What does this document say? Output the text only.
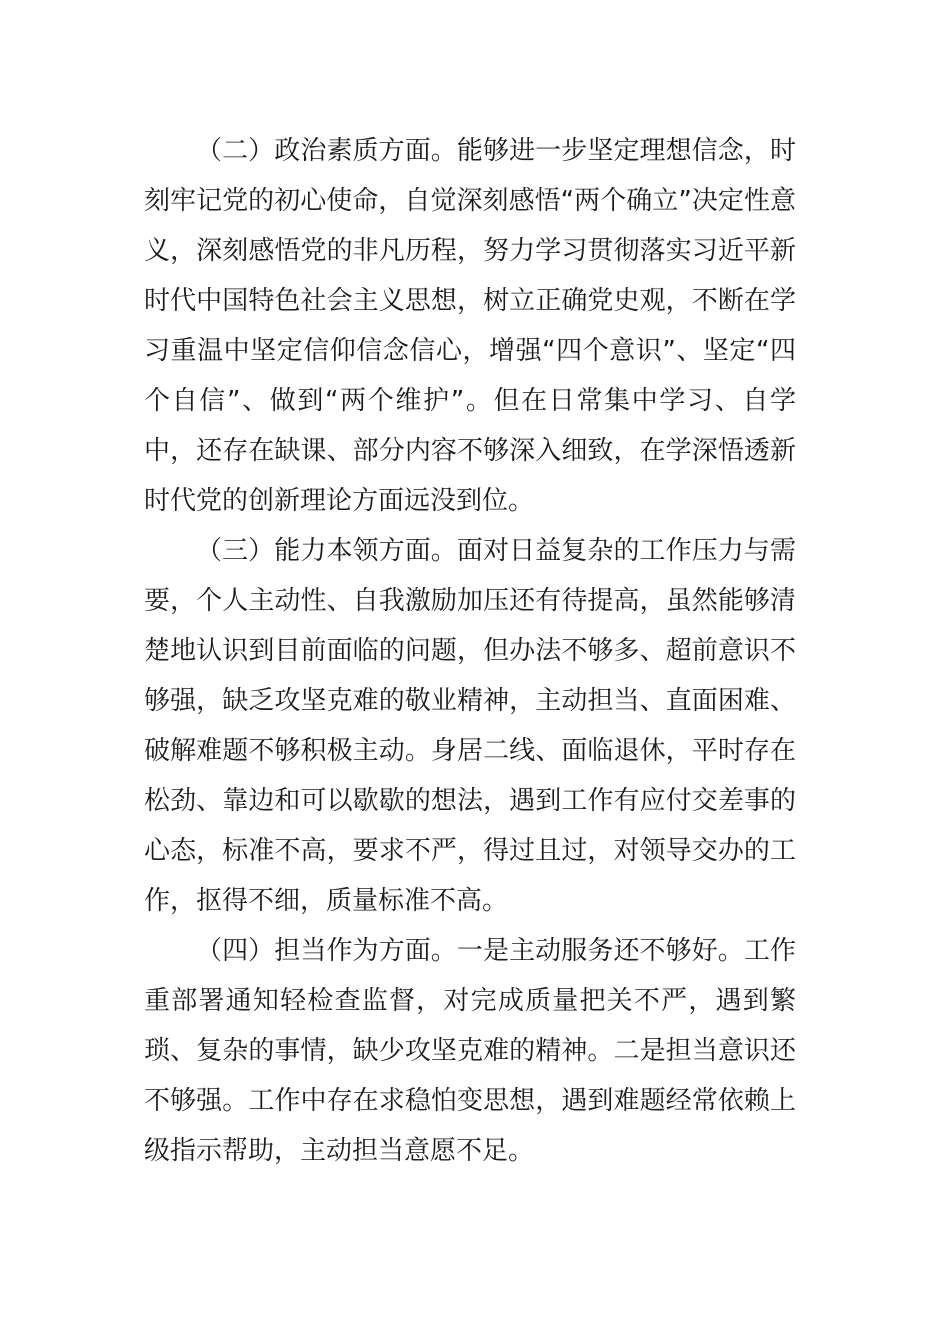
（二）政治素质方面。能够进一步坚定理想信念，时刻牢记党的初心使命，自觉深刻感悟“两个确立”决定性意义，深刻感悟党的非凡历程，努力学习贯彻落实习近平新时代中国特色社会主义思想，树立正确党史观，不断在学习重温中坚定信仰信念信心，增强“四个意识”、坚定“四个自信”、做到“两个维护”。但在日常集中学习、自学中，还存在缺课、部分内容不够深入细致，在学深悟透新时代党的创新理论方面远没到位。

（三）能力本领方面。面对日益复杂的工作压力与需要，个人主动性、自我激励加压还有待提高，虽然能够清楚地认识到目前面临的问题，但办法不够多、超前意识不够强，缺乏攻坚克难的敬业精神，主动担当、直面困难、破解难题不够积极主动。身居二线、面临退休，平时存在松劲、靠边和可以歇歇的想法，遇到工作有应付交差事的心态，标准不高，要求不严，得过且过，对领导交办的工作，抠得不细，质量标准不高。

（四）担当作为方面。一是主动服务还不够好。工作重部署通知轻检查监督，对完成质量把关不严，遇到繁琐、复杂的事情，缺少攻坚克难的精神。二是担当意识还不够强。工作中存在求稳怕变思想，遇到难题经常依赖上级指示帮助，主动担当意愿不足。
